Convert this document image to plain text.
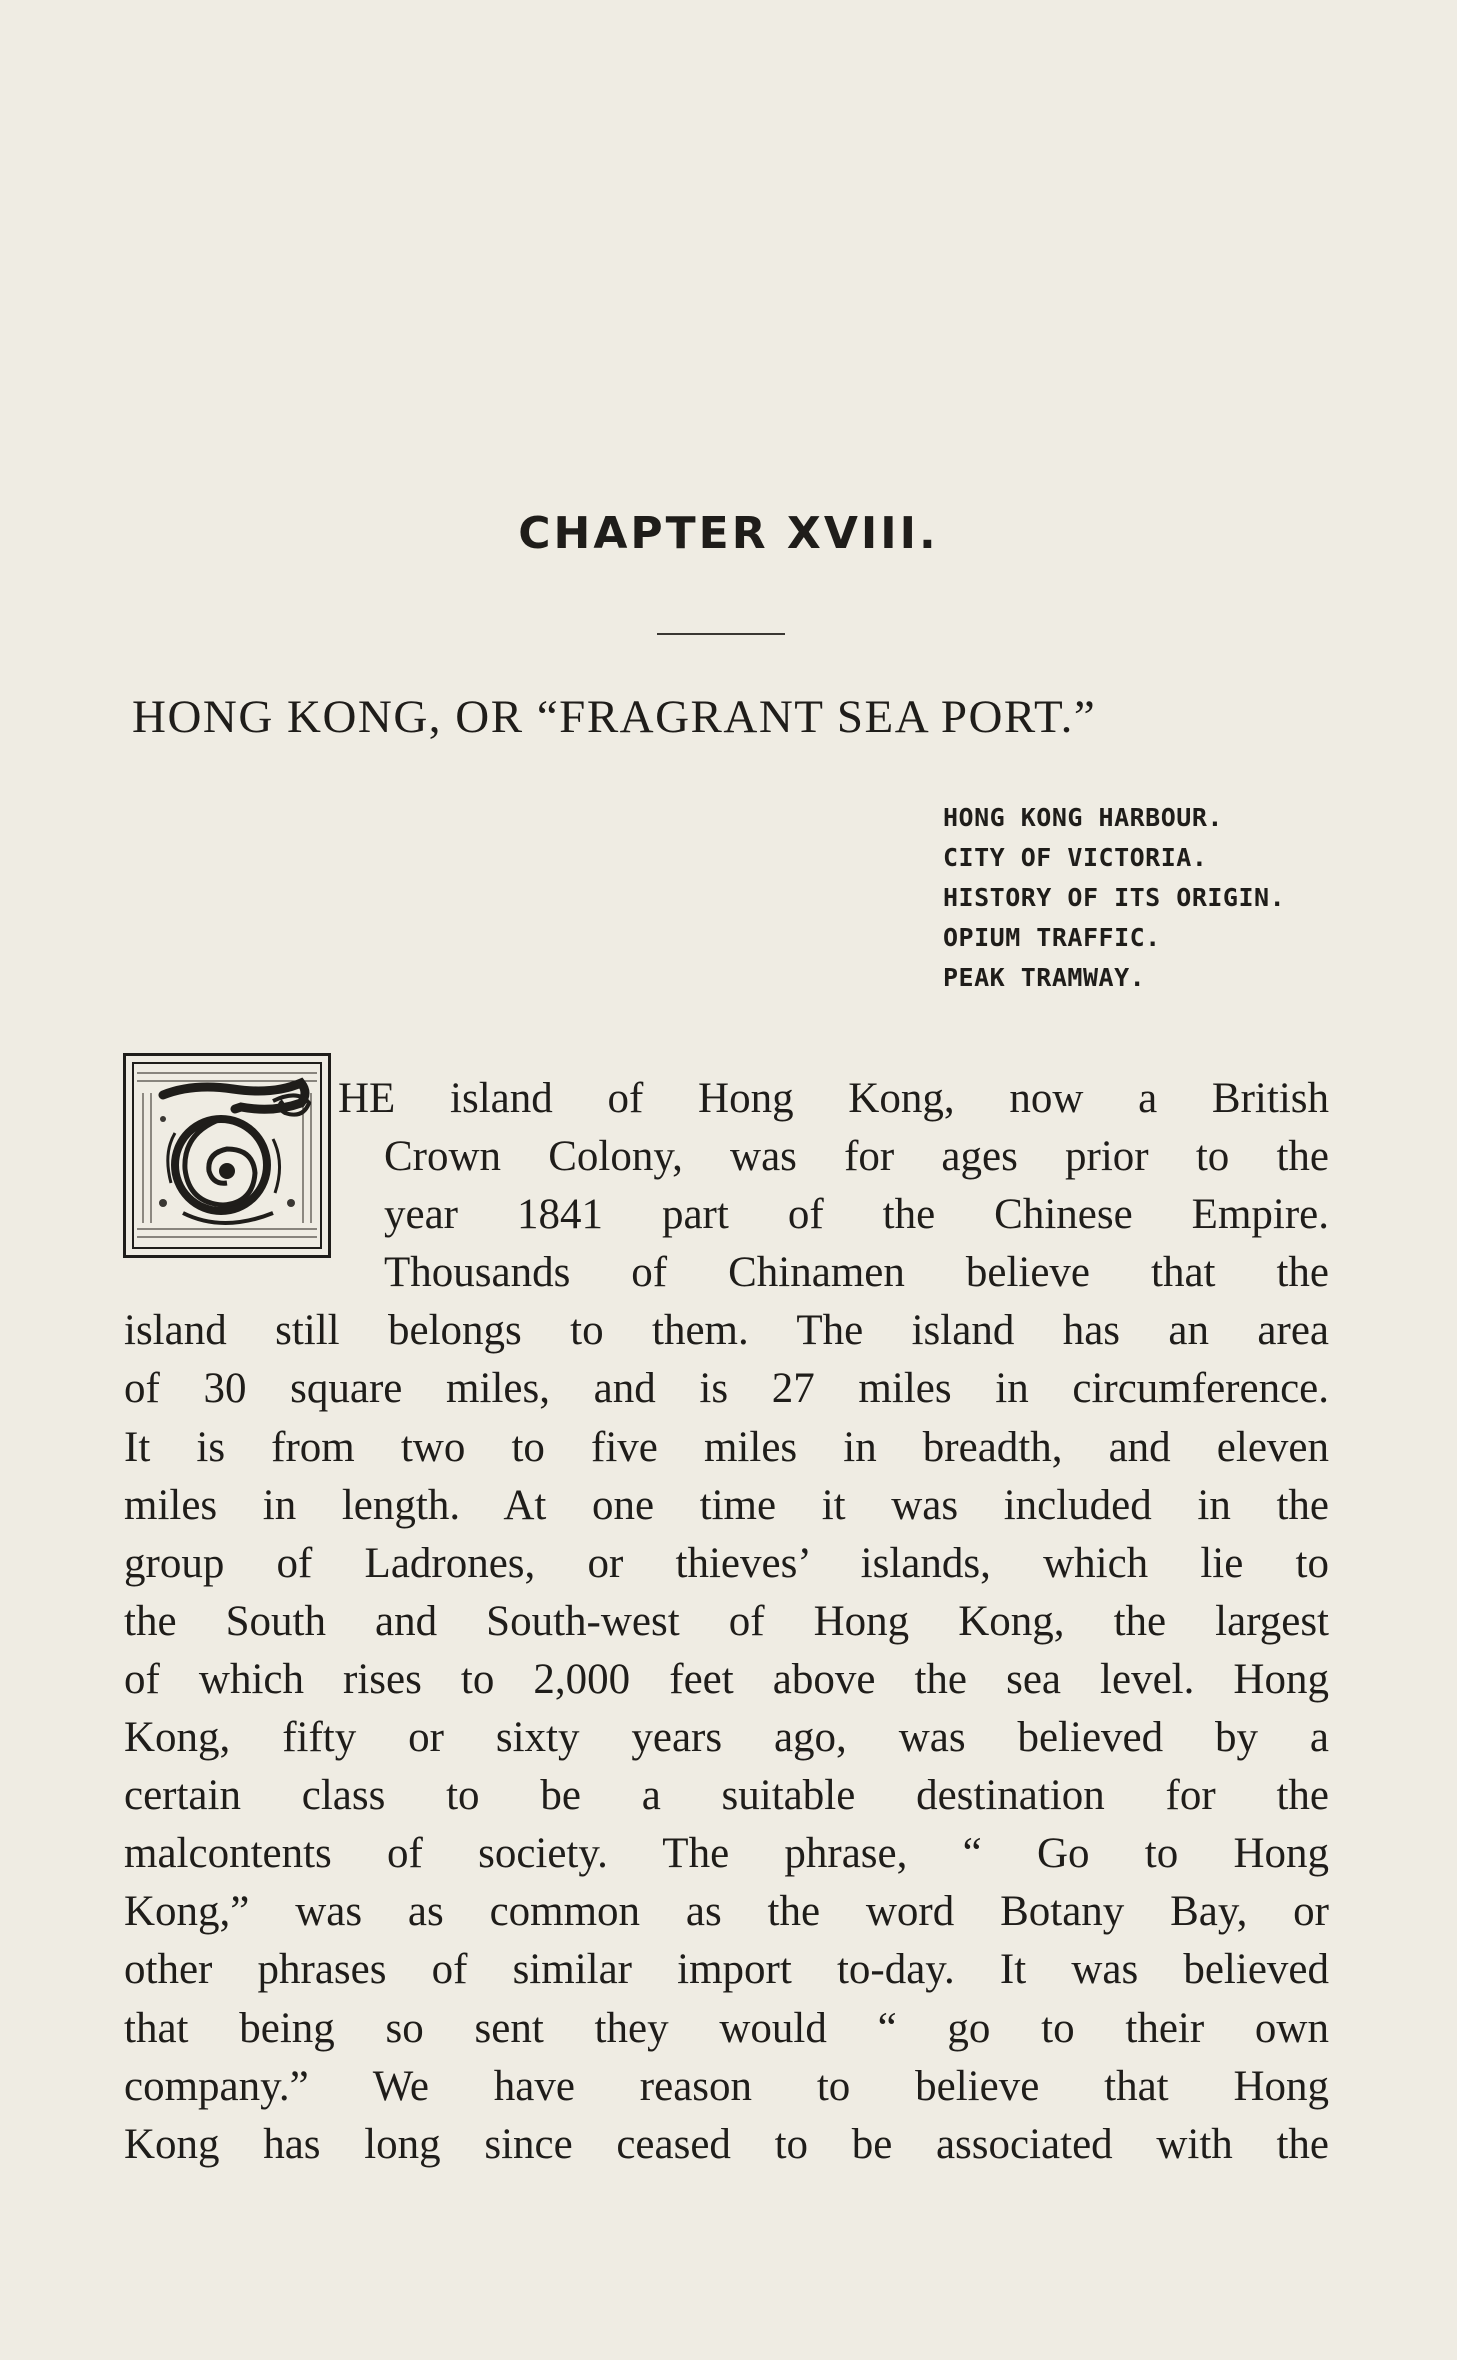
CHAPTER XVIII.
HONG KONG, OR “FRAGRANT SEA PORT.”
HONG KONG HARBOUR.
CITY OF VICTORIA.
HISTORY OF ITS ORIGIN.
OPIUM TRAFFIC.
PEAK TRAMWAY.
HE island of Hong Kong, now a British
Crown Colony, was for ages prior to the
year 1841 part of the Chinese Empire.
Thousands of Chinamen believe that the
island still belongs to them. The island has an area
of 30 square miles, and is 27 miles in circumference.
It is from two to five miles in breadth, and eleven
miles in length. At one time it was included in the
group of Ladrones, or thieves’ islands, which lie to
the South and South-west of Hong Kong, the largest
of which rises to 2,000 feet above the sea level. Hong
Kong, fifty or sixty years ago, was believed by a
certain class to be a suitable destination for the
malcontents of society. The phrase, “ Go to Hong
Kong,” was as common as the word Botany Bay, or
other phrases of similar import to-day. It was believed
that being so sent they would “ go to their own
company.” We have reason to believe that Hong
Kong has long since ceased to be associated with the
